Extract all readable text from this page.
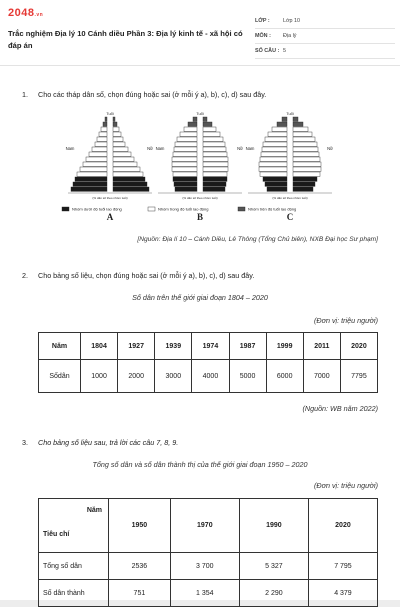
2048.vn
Trắc nghiệm Địa lý 10 Cánh diều Phần 3: Địa lý kinh tế - xã hội có đáp án
LỚP :	Lớp 10
MÔN :	Địa lý
SỐ CÂU : 5
1. Cho các tháp dân số, chọn đúng hoặc sai (ở mỗi ý a), b), c), d) sau đây.
Tuổi
Nam	Nữ
(% dân số theo nhóm tuổi)
A
Tuổi
Nam	Nữ
(% dân số theo nhóm tuổi)
B
Tuổi
Nam	Nữ
(% dân số theo nhóm tuổi)
C
Nhóm dưới độ tuổi lao động	Nhóm trong độ tuổi lao động	Nhóm trên độ tuổi lao động
[Nguồn: Địa lí 10 – Cánh Diều, Lê Thông (Tổng Chủ biên), NXB Đại học Sư phạm]
2. Cho bảng số liệu, chọn đúng hoặc sai (ở mỗi ý a), b), c), d) sau đây.
Số dân trên thế giới giai đoạn 1804 – 2020
(Đơn vị: triệu người)
Năm	1804	1927	1939	1974	1987	1999	2011	2020
Sốdân	1000	2000	3000	4000	5000	6000	7000	7795
(Nguồn: WB năm 2022)
3. Cho bảng số liệu sau, trả lời các câu 7, 8, 9.
Tổng số dân và số dân thành thị của thế giới giai đoạn 1950 – 2020
(Đơn vị: triệu người)
Năm
Tiêu chí	1950	1970	1990	2020
Tổng số dân	2536	3 700	5 327	7 795
Số dân thành	751	1 354	2 290	4 379
